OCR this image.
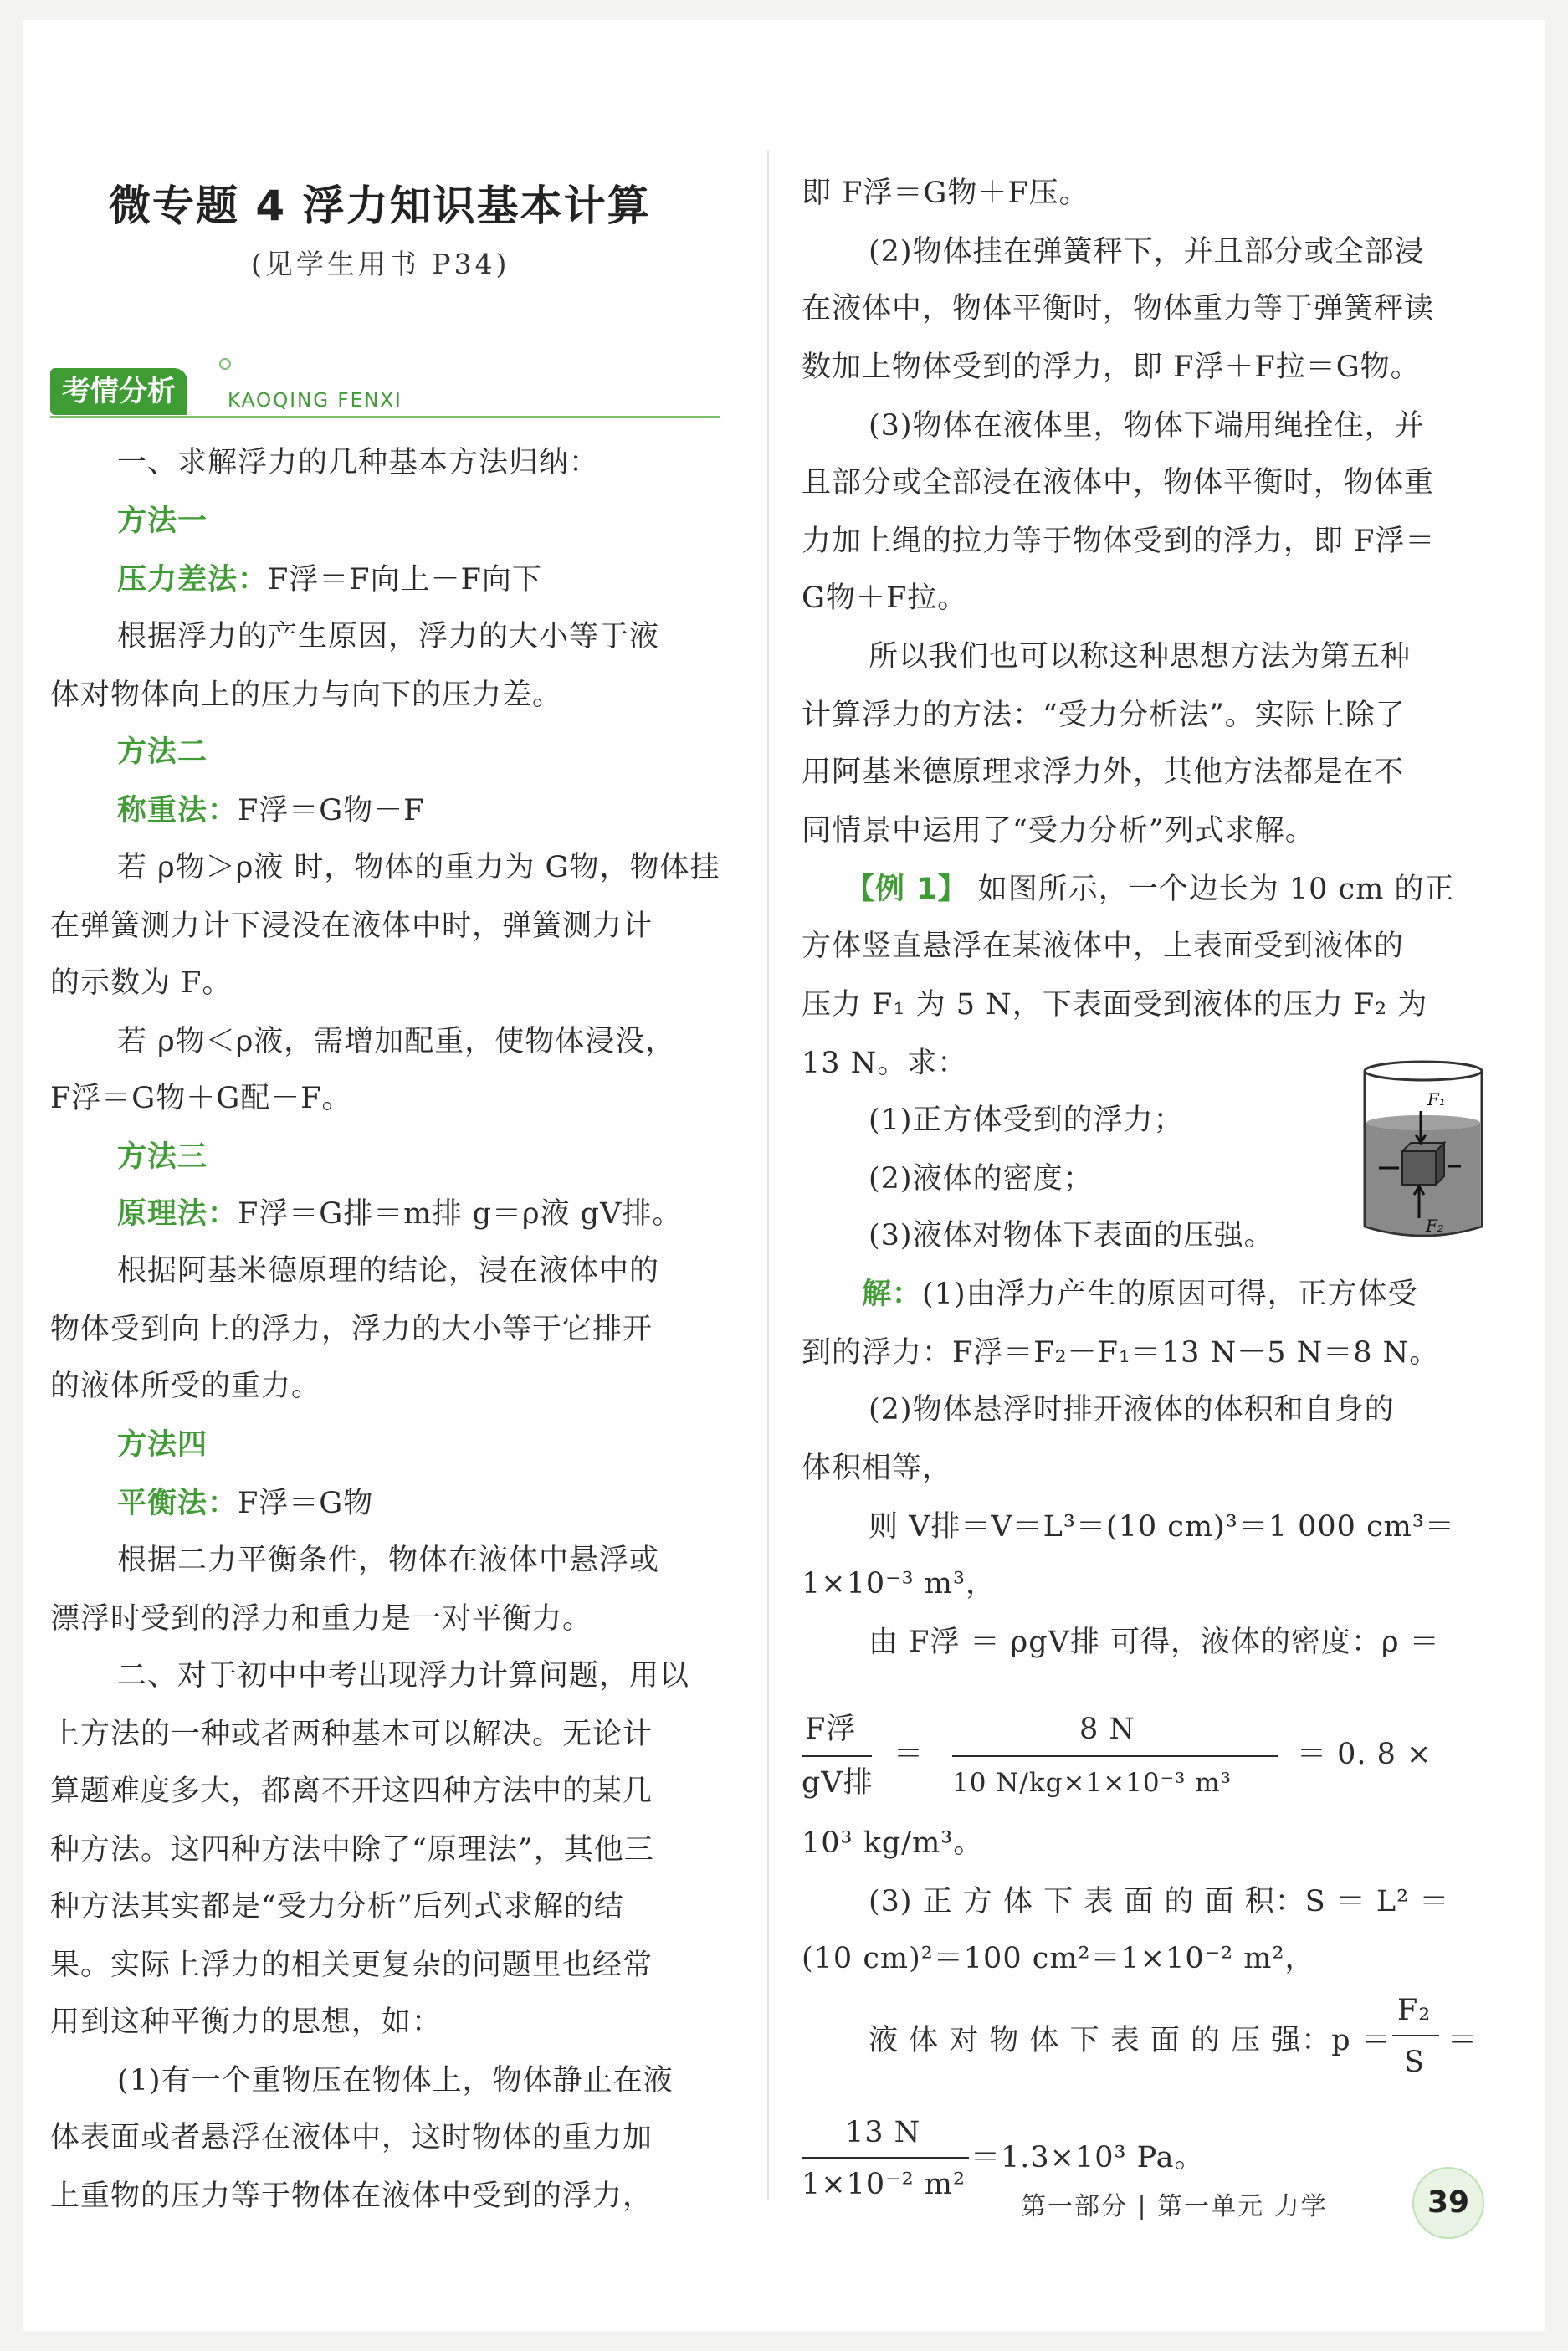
微专题 4 浮力知识基本计算
(见学生用书 P34)
考情分析	KAOQING FENXI
一、求解浮力的几种基本方法归纳：
方法一
压力差法：F浮＝F向上－F向下
根据浮力的产生原因，浮力的大小等于液
体对物体向上的压力与向下的压力差。
方法二
称重法：F浮＝G物－F
若 ρ物＞ρ液 时，物体的重力为 G物，物体挂
在弹簧测力计下浸没在液体中时，弹簧测力计
的示数为 F。
若 ρ物＜ρ液，需增加配重，使物体浸没，
F浮＝G物＋G配－F。
方法三
原理法：F浮＝G排＝m排 g＝ρ液 gV排。
根据阿基米德原理的结论，浸在液体中的
物体受到向上的浮力，浮力的大小等于它排开
的液体所受的重力。
方法四
平衡法：F浮＝G物
根据二力平衡条件，物体在液体中悬浮或
漂浮时受到的浮力和重力是一对平衡力。
二、对于初中中考出现浮力计算问题，用以
上方法的一种或者两种基本可以解决。无论计
算题难度多大，都离不开这四种方法中的某几
种方法。这四种方法中除了“原理法”，其他三
种方法其实都是“受力分析”后列式求解的结
果。实际上浮力的相关更复杂的问题里也经常
用到这种平衡力的思想，如：
(1)有一个重物压在物体上，物体静止在液
体表面或者悬浮在液体中，这时物体的重力加
上重物的压力等于物体在液体中受到的浮力，
即 F浮＝G物＋F压。
(2)物体挂在弹簧秤下，并且部分或全部浸
在液体中，物体平衡时，物体重力等于弹簧秤读
数加上物体受到的浮力，即 F浮＋F拉＝G物。
(3)物体在液体里，物体下端用绳拴住，并
且部分或全部浸在液体中，物体平衡时，物体重
力加上绳的拉力等于物体受到的浮力，即 F浮＝
G物＋F拉。
所以我们也可以称这种思想方法为第五种
计算浮力的方法：“受力分析法”。实际上除了
用阿基米德原理求浮力外，其他方法都是在不
同情景中运用了“受力分析”列式求解。
【例 1】 如图所示，一个边长为 10 cm 的正
方体竖直悬浮在某液体中，上表面受到液体的
压力 F₁ 为 5 N，下表面受到液体的压力 F₂ 为
13 N。求：
(1)正方体受到的浮力；
(2)液体的密度；
(3)液体对物体下表面的压强。
F₁
F₂
解：(1)由浮力产生的原因可得，正方体受
到的浮力：F浮＝F₂－F₁＝13 N－5 N＝8 N。
(2)物体悬浮时排开液体的体积和自身的
体积相等，
则 V排＝V＝L³＝(10 cm)³＝1 000 cm³＝
1×10⁻³ m³，
由 F浮 ＝ ρgV排 可得，液体的密度：ρ ＝
F浮
gV排
＝
8 N
10 N/kg×1×10⁻³ m³
＝ 0. 8 ×
10³ kg/m³。
(3) 正 方 体 下 表 面 的 面 积：S ＝ L² ＝
(10 cm)²＝100 cm²＝1×10⁻² m²，
液 体 对 物 体 下 表 面 的 压 强：p ＝
F₂
S
＝
13 N
1×10⁻² m²
＝1.3×10³ Pa。
第一部分 | 第一单元 力学	39
